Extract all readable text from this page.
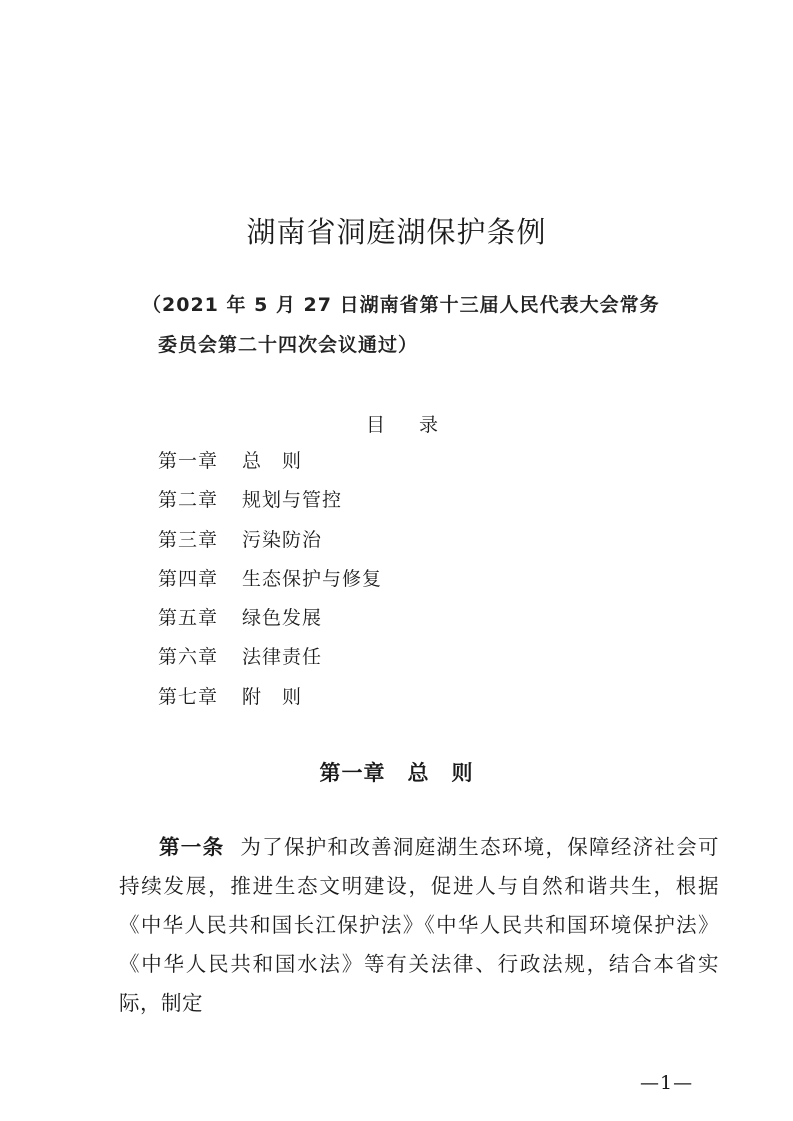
湖南省洞庭湖保护条例
（2021 年 5 月 27 日湖南省第十三届人民代表大会常务
委员会第二十四次会议通过）
目 录
第一章 总　则
第二章 规划与管控
第三章 污染防治
第四章 生态保护与修复
第五章 绿色发展
第六章 法律责任
第七章 附　则
第一章　总　则

第一条 为了保护和改善洞庭湖生态环境，保障经济社会可持续发展，推进生态文明建设，促进人与自然和谐共生，根据《中华人民共和国长江保护法》《中华人民共和国环境保护法》《中华人民共和国水法》等有关法律、行政法规，结合本省实际，制定

—1—
